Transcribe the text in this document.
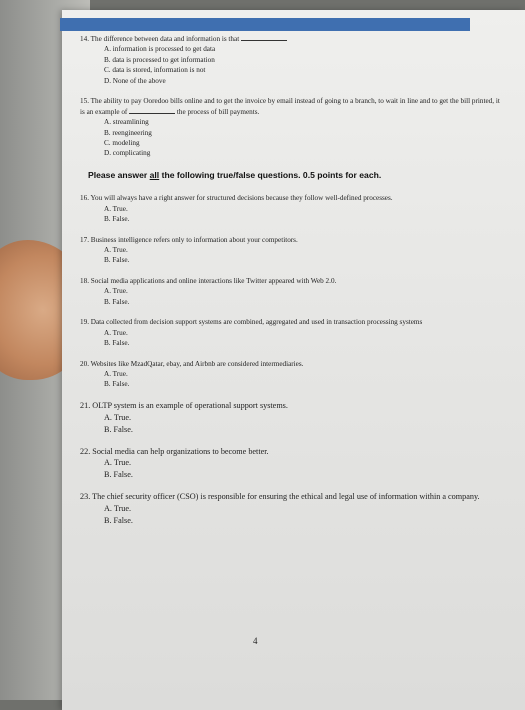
14. The difference between data and information is that
A. information is processed to get data
B. data is processed to get information
C. data is stored, information is not
D. None of the above
15. The ability to pay Ooredoo bills online and to get the invoice by email instead of going to a branch, to wait in line and to get the bill printed, it is an example of	the process of bill payments.
A. streamlining
B. reengineering
C. modeling
D. complicating
Please answer all the following true/false questions. 0.5 points for each.
16. You will always have a right answer for structured decisions because they follow well-defined processes.
A. True.
B. False.
17. Business intelligence refers only to information about your competitors.
A. True.
B. False.
18. Social media applications and online interactions like Twitter appeared with Web 2.0.
A. True.
B. False.
19. Data collected from decision support systems are combined, aggregated and used in transaction processing systems
A. True.
B. False.
20. Websites like MzadQatar, ebay, and Airbnb are considered intermediaries.
A. True.
B. False.
21. OLTP system is an example of operational support systems.
A. True.
B. False.
22. Social media can help organizations to become better.
A. True.
B. False.
23. The chief security officer (CSO) is responsible for ensuring the ethical and legal use of information within a company.
A. True.
B. False.
4
